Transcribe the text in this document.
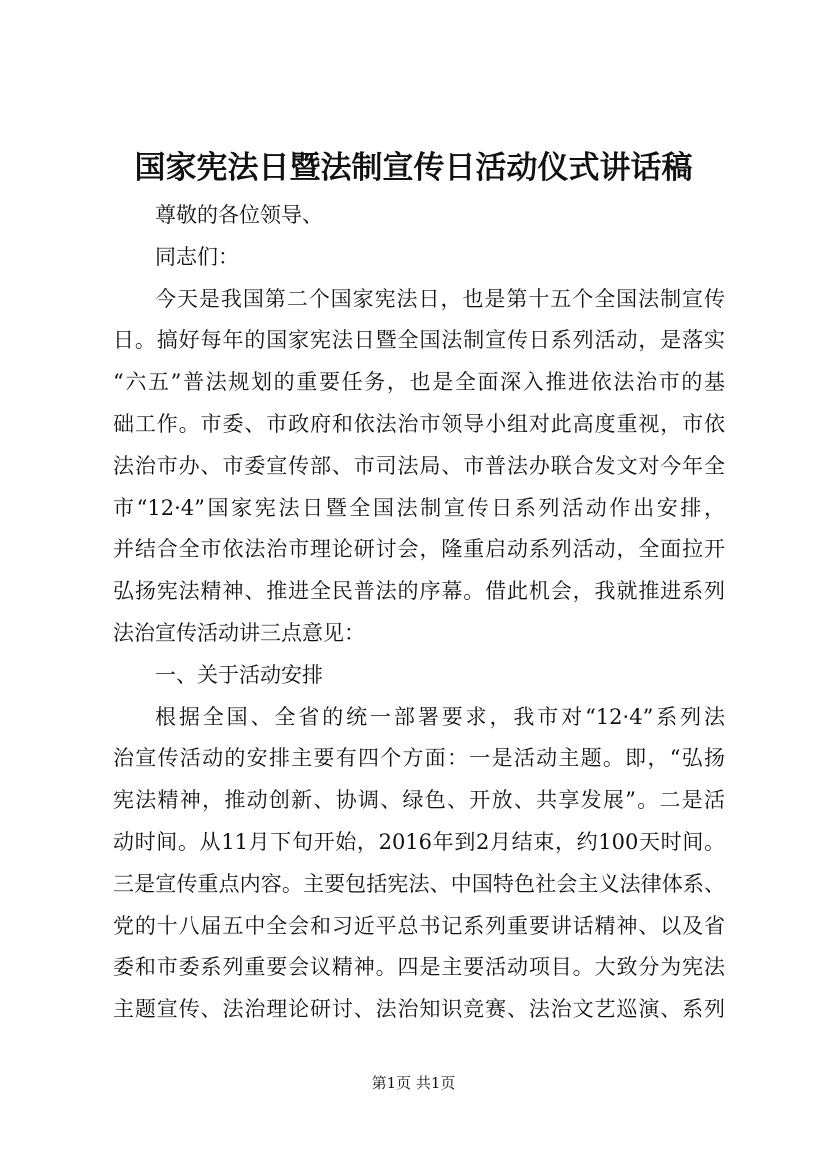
国家宪法日暨法制宣传日活动仪式讲话稿
尊敬的各位领导、
同志们：
今天是我国第二个国家宪法日，也是第十五个全国法制宣传
日。搞好每年的国家宪法日暨全国法制宣传日系列活动，是落实
“六五”普法规划的重要任务，也是全面深入推进依法治市的基
础工作。市委、市政府和依法治市领导小组对此高度重视，市依
法治市办、市委宣传部、市司法局、市普法办联合发文对今年全
市“12·4”国家宪法日暨全国法制宣传日系列活动作出安排，
并结合全市依法治市理论研讨会，隆重启动系列活动，全面拉开
弘扬宪法精神、推进全民普法的序幕。借此机会，我就推进系列
法治宣传活动讲三点意见：
一、关于活动安排
根据全国、全省的统一部署要求，我市对“12·4”系列法
治宣传活动的安排主要有四个方面：一是活动主题。即，“弘扬
宪法精神，推动创新、协调、绿色、开放、共享发展”。二是活
动时间。从11月下旬开始，2016年到2月结束，约100天时间。
三是宣传重点内容。主要包括宪法、中国特色社会主义法律体系、
党的十八届五中全会和习近平总书记系列重要讲话精神、以及省
委和市委系列重要会议精神。四是主要活动项目。大致分为宪法
主题宣传、法治理论研讨、法治知识竞赛、法治文艺巡演、系列
第1页 共1页
